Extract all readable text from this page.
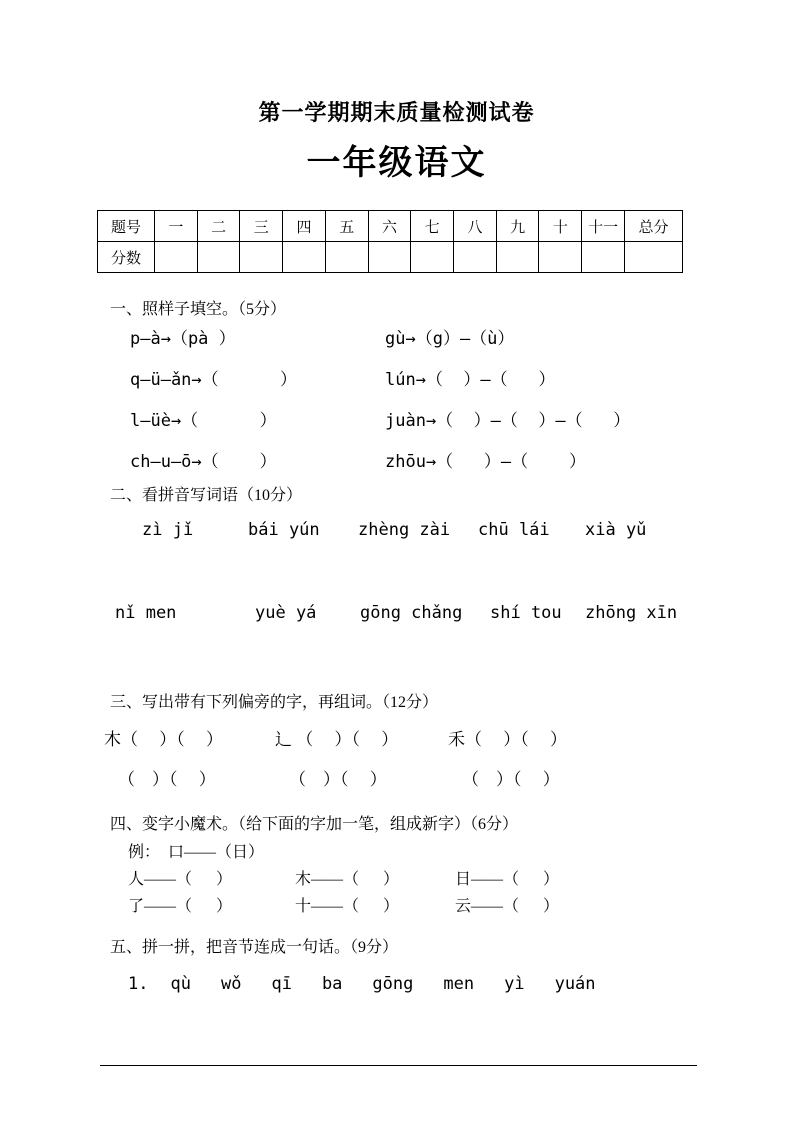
第一学期期末质量检测试卷
一年级语文
题号	一	二	三	四	五	六	七	八	九	十	十一	总分
分数												
一、照样子填空。（5分）
p—à→（pà ）	gù→（g）—（ù）
q—ü—ǎn→（      ）	lún→（  ）—（   ）
l—üè→（      ）	juàn→（  ）—（  ）—（   ）
ch—u—ō→（    ）	zhōu→（   ）—（    ）
二、看拼音写词语（10分）
zì jǐ	bái yún	zhèng zài	chū lái	xià yǔ
nǐ men	yuè yá	gōng chǎng	shí tou	zhōng xīn
三、写出带有下列偏旁的字，再组词。（12分）
木（     ）（     ）	辶 （     ）（     ）	禾（     ）（     ）
（    ）（     ）	（    ）（     ）	（    ）（     ）
四、变字小魔术。（给下面的字加一笔，组成新字）（6分）
例：  口——（日）
人——（      ）	木——（      ）	日——（      ）
了——（      ）	十——（      ）	云——（      ）
五、拼一拼，把音节连成一句话。（9分）
1. qù wǒ qī ba gōng men yì yuán
